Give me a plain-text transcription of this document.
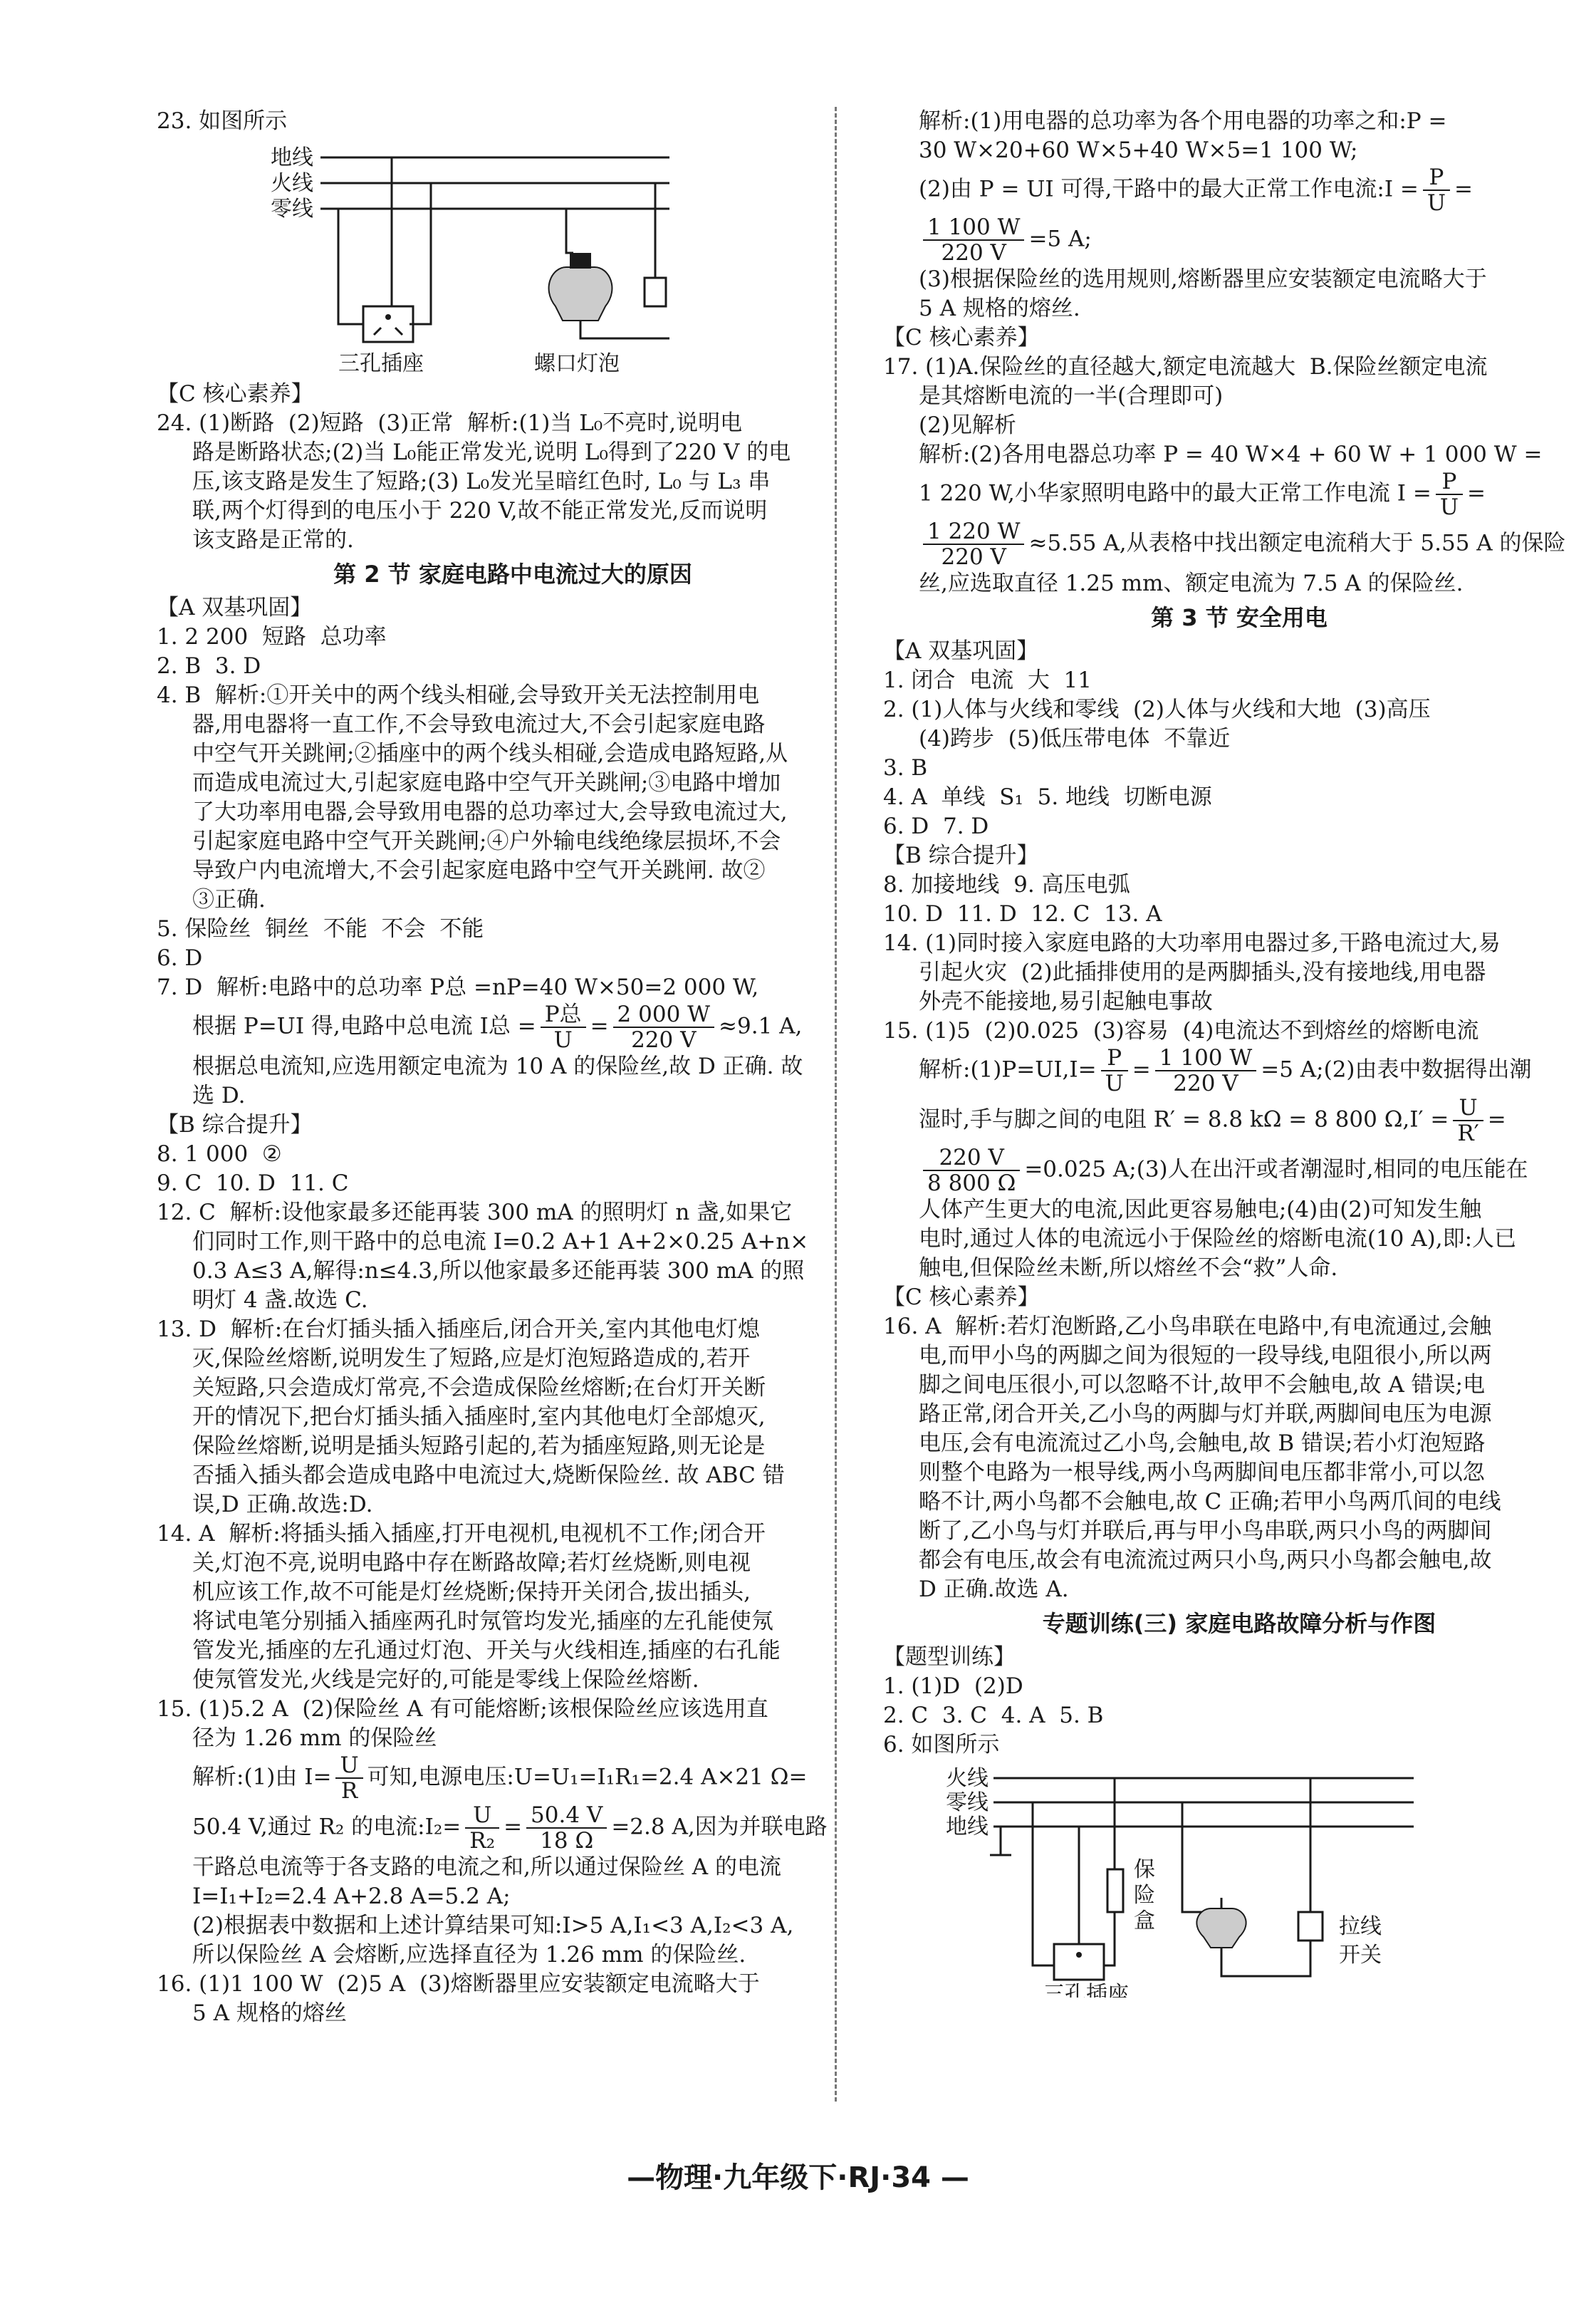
23. 如图所示

地线
火线
零线
三孔插座	螺口灯泡

【C 核心素养】

24. (1)断路  (2)短路  (3)正常  解析:(1)当 L₀不亮时,说明电

路是断路状态;(2)当 L₀能正常发光,说明 L₀得到了220 V 的电

压,该支路是发生了短路;(3) L₀发光呈暗红色时, L₀ 与 L₃ 串

联,两个灯得到的电压小于 220 V,故不能正常发光,反而说明

该支路是正常的.

第 2 节 家庭电路中电流过大的原因

【A 双基巩固】

1. 2 200  短路  总功率

2. B  3. D

4. B  解析:①开关中的两个线头相碰,会导致开关无法控制用电

器,用电器将一直工作,不会导致电流过大,不会引起家庭电路

中空气开关跳闸;②插座中的两个线头相碰,会造成电路短路,从

而造成电流过大,引起家庭电路中空气开关跳闸;③电路中增加

了大功率用电器,会导致用电器的总功率过大,会导致电流过大,

引起家庭电路中空气开关跳闸;④户外输电线绝缘层损坏,不会

导致户内电流增大,不会引起家庭电路中空气开关跳闸. 故②

③正确.

5. 保险丝  铜丝  不能  不会  不能

6. D

7. D  解析:电路中的总功率 P总 =nP=40 W×50=2 000 W,

根据 P=UI 得,电路中总电流 I总 = $\frac{\text{P总}}{U} = \frac{2 000 W}{220 V} \approx 9.1$ A,

根据总电流知,应选用额定电流为 10 A 的保险丝,故 D 正确. 故

选 D.

【B 综合提升】

8. 1 000  ②

9. C  10. D  11. C

12. C  解析:设他家最多还能再装 300 mA 的照明灯 n 盏,如果它

们同时工作,则干路中的总电流 I=0.2 A+1 A+2×0.25 A+n×

0.3 A≤3 A,解得:n≤4.3,所以他家最多还能再装 300 mA 的照

明灯 4 盏.故选 C.

13. D  解析:在台灯插头插入插座后,闭合开关,室内其他电灯熄

灭,保险丝熔断,说明发生了短路,应是灯泡短路造成的,若开

关短路,只会造成灯常亮,不会造成保险丝熔断;在台灯开关断

开的情况下,把台灯插头插入插座时,室内其他电灯全部熄灭,

保险丝熔断,说明是插头短路引起的,若为插座短路,则无论是

否插入插头都会造成电路中电流过大,烧断保险丝. 故 ABC 错

误,D 正确.故选:D.

14. A  解析:将插头插入插座,打开电视机,电视机不工作;闭合开

关,灯泡不亮,说明电路中存在断路故障;若灯丝烧断,则电视

机应该工作,故不可能是灯丝烧断;保持开关闭合,拔出插头,

将试电笔分别插入插座两孔时氖管均发光,插座的左孔能使氖

管发光,插座的左孔通过灯泡、开关与火线相连,插座的右孔能

使氖管发光,火线是完好的,可能是零线上保险丝熔断.

15. (1)5.2 A  (2)保险丝 A 有可能熔断;该根保险丝应该选用直

径为 1.26 mm 的保险丝

解析:(1)由 $I= \frac{U}{R}$ 可知,电源电压:U=U₁=I₁R₁=2.4 A×21 Ω=

50.4 V,通过 R₂ 的电流:I₂= $\frac{U}{\text{R₂}} = \frac{50.4 V}{18 \Omega} =2.8$ A,因为并联电路

干路总电流等于各支路的电流之和,所以通过保险丝 A 的电流

I=I₁+I₂=2.4 A+2.8 A=5.2 A;

(2)根据表中数据和上述计算结果可知:I>5 A,I₁<3 A,I₂<3 A,

所以保险丝 A 会熔断,应选择直径为 1.26 mm 的保险丝.

16. (1)1 100 W  (2)5 A  (3)熔断器里应安装额定电流略大于

5 A 规格的熔丝

解析:(1)用电器的总功率为各个用电器的功率之和:P =

30 W×20+60 W×5+40 W×5=1 100 W;

(2)由 P = UI 可得,干路中的最大正常工作电流:I = $\frac{P}{U}$ =

$\frac{1 100 W}{220 V} =5$ A;

(3)根据保险丝的选用规则,熔断器里应安装额定电流略大于

5 A 规格的熔丝.

【C 核心素养】

17. (1)A.保险丝的直径越大,额定电流越大  B.保险丝额定电流

是其熔断电流的一半(合理即可)

(2)见解析

解析:(2)各用电器总功率 P = 40 W×4 + 60 W + 1 000 W =

1 220 W,小华家照明电路中的最大正常工作电流 $I = \frac{P}{U}$ =

$\frac{1 220 W}{220 V} \approx 5.55$ A,从表格中找出额定电流稍大于 5.55 A 的保险

丝,应选取直径 1.25 mm、额定电流为 7.5 A 的保险丝.

第 3 节 安全用电

【A 双基巩固】

1. 闭合  电流  大  11

2. (1)人体与火线和零线  (2)人体与火线和大地  (3)高压

(4)跨步  (5)低压带电体  不靠近

3. B

4. A  单线  S₁  5. 地线  切断电源

6. D  7. D

【B 综合提升】

8. 加接地线  9. 高压电弧

10. D  11. D  12. C  13. A

14. (1)同时接入家庭电路的大功率用电器过多,干路电流过大,易

引起火灾  (2)此插排使用的是两脚插头,没有接地线,用电器

外壳不能接地,易引起触电事故

15. (1)5  (2)0.025  (3)容易  (4)电流达不到熔丝的熔断电流

解析:(1)P=UI,I= $\frac{P}{U} = \frac{1 100 W}{220 V} =5$ A;(2)由表中数据得出潮

湿时,手与脚之间的电阻 R′ = 8.8 kΩ = 8 800 $\Omega,I' = \frac{U}{R'}$ =

$\frac{220 V}{8 800 \Omega} =0.025$ A;(3)人在出汗或者潮湿时,相同的电压能在

人体产生更大的电流,因此更容易触电;(4)由(2)可知发生触

电时,通过人体的电流远小于保险丝的熔断电流(10 A),即:人已

触电,但保险丝未断,所以熔丝不会“救”人命.

【C 核心素养】

16. A  解析:若灯泡断路,乙小鸟串联在电路中,有电流通过,会触

电,而甲小鸟的两脚之间为很短的一段导线,电阻很小,所以两

脚之间电压很小,可以忽略不计,故甲不会触电,故 A 错误;电

路正常,闭合开关,乙小鸟的两脚与灯并联,两脚间电压为电源

电压,会有电流流过乙小鸟,会触电,故 B 错误;若小灯泡短路

则整个电路为一根导线,两小鸟两脚间电压都非常小,可以忽

略不计,两小鸟都不会触电,故 C 正确;若甲小鸟两爪间的电线

断了,乙小鸟与灯并联后,再与甲小鸟串联,两只小鸟的两脚间

都会有电压,故会有电流流过两只小鸟,两只小鸟都会触电,故

D 正确.故选 A.

专题训练(三) 家庭电路故障分析与作图

【题型训练】

1. (1)D  (2)D

2. C  3. C  4. A  5. B

6. 如图所示

火线
零线
地线
保
险
盒
三孔插座
拉线
开关
—物理·九年级下·RJ·34 —
